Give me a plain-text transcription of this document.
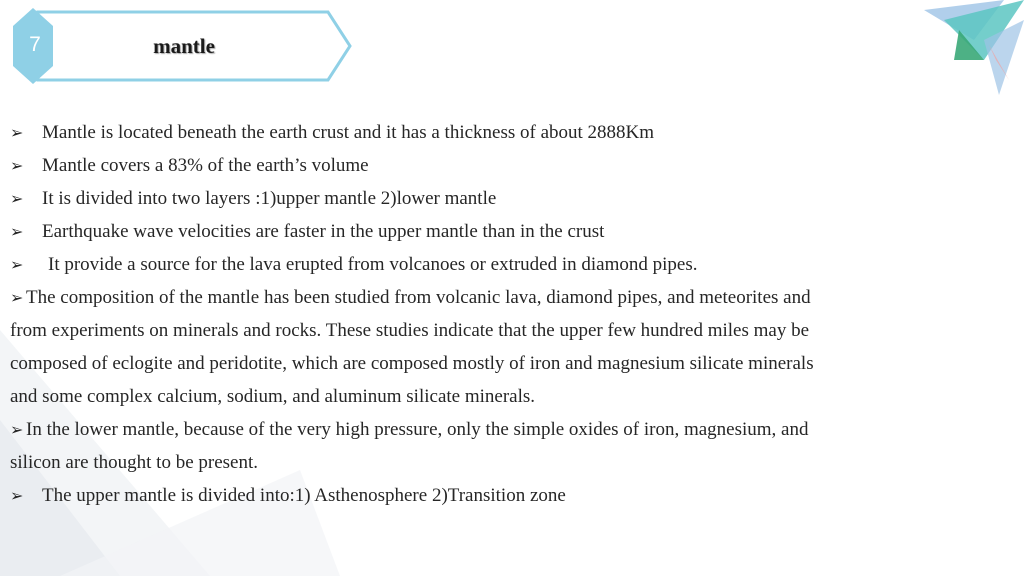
7	mantle
➢ Mantle is located beneath the earth crust and it has a thickness of about 2888Km
➢ Mantle covers a 83% of the earth’s volume
➢ It is divided into two layers :1)upper mantle 2)lower mantle
➢ Earthquake wave velocities are faster in the upper mantle than in the crust
➢ It provide a source for the lava erupted from volcanoes or extruded in diamond pipes.
➢ The composition of the mantle has been studied from volcanic lava, diamond pipes, and meteorites and
from experiments on minerals and rocks. These studies indicate that the upper few hundred miles may be
composed of eclogite and peridotite, which are composed mostly of iron and magnesium silicate minerals
and some complex calcium, sodium, and aluminum silicate minerals.
➢ In the lower mantle, because of the very high pressure, only the simple oxides of iron, magnesium, and
silicon are thought to be present.
➢ The upper mantle is divided into:1) Asthenosphere 2)Transition zone
